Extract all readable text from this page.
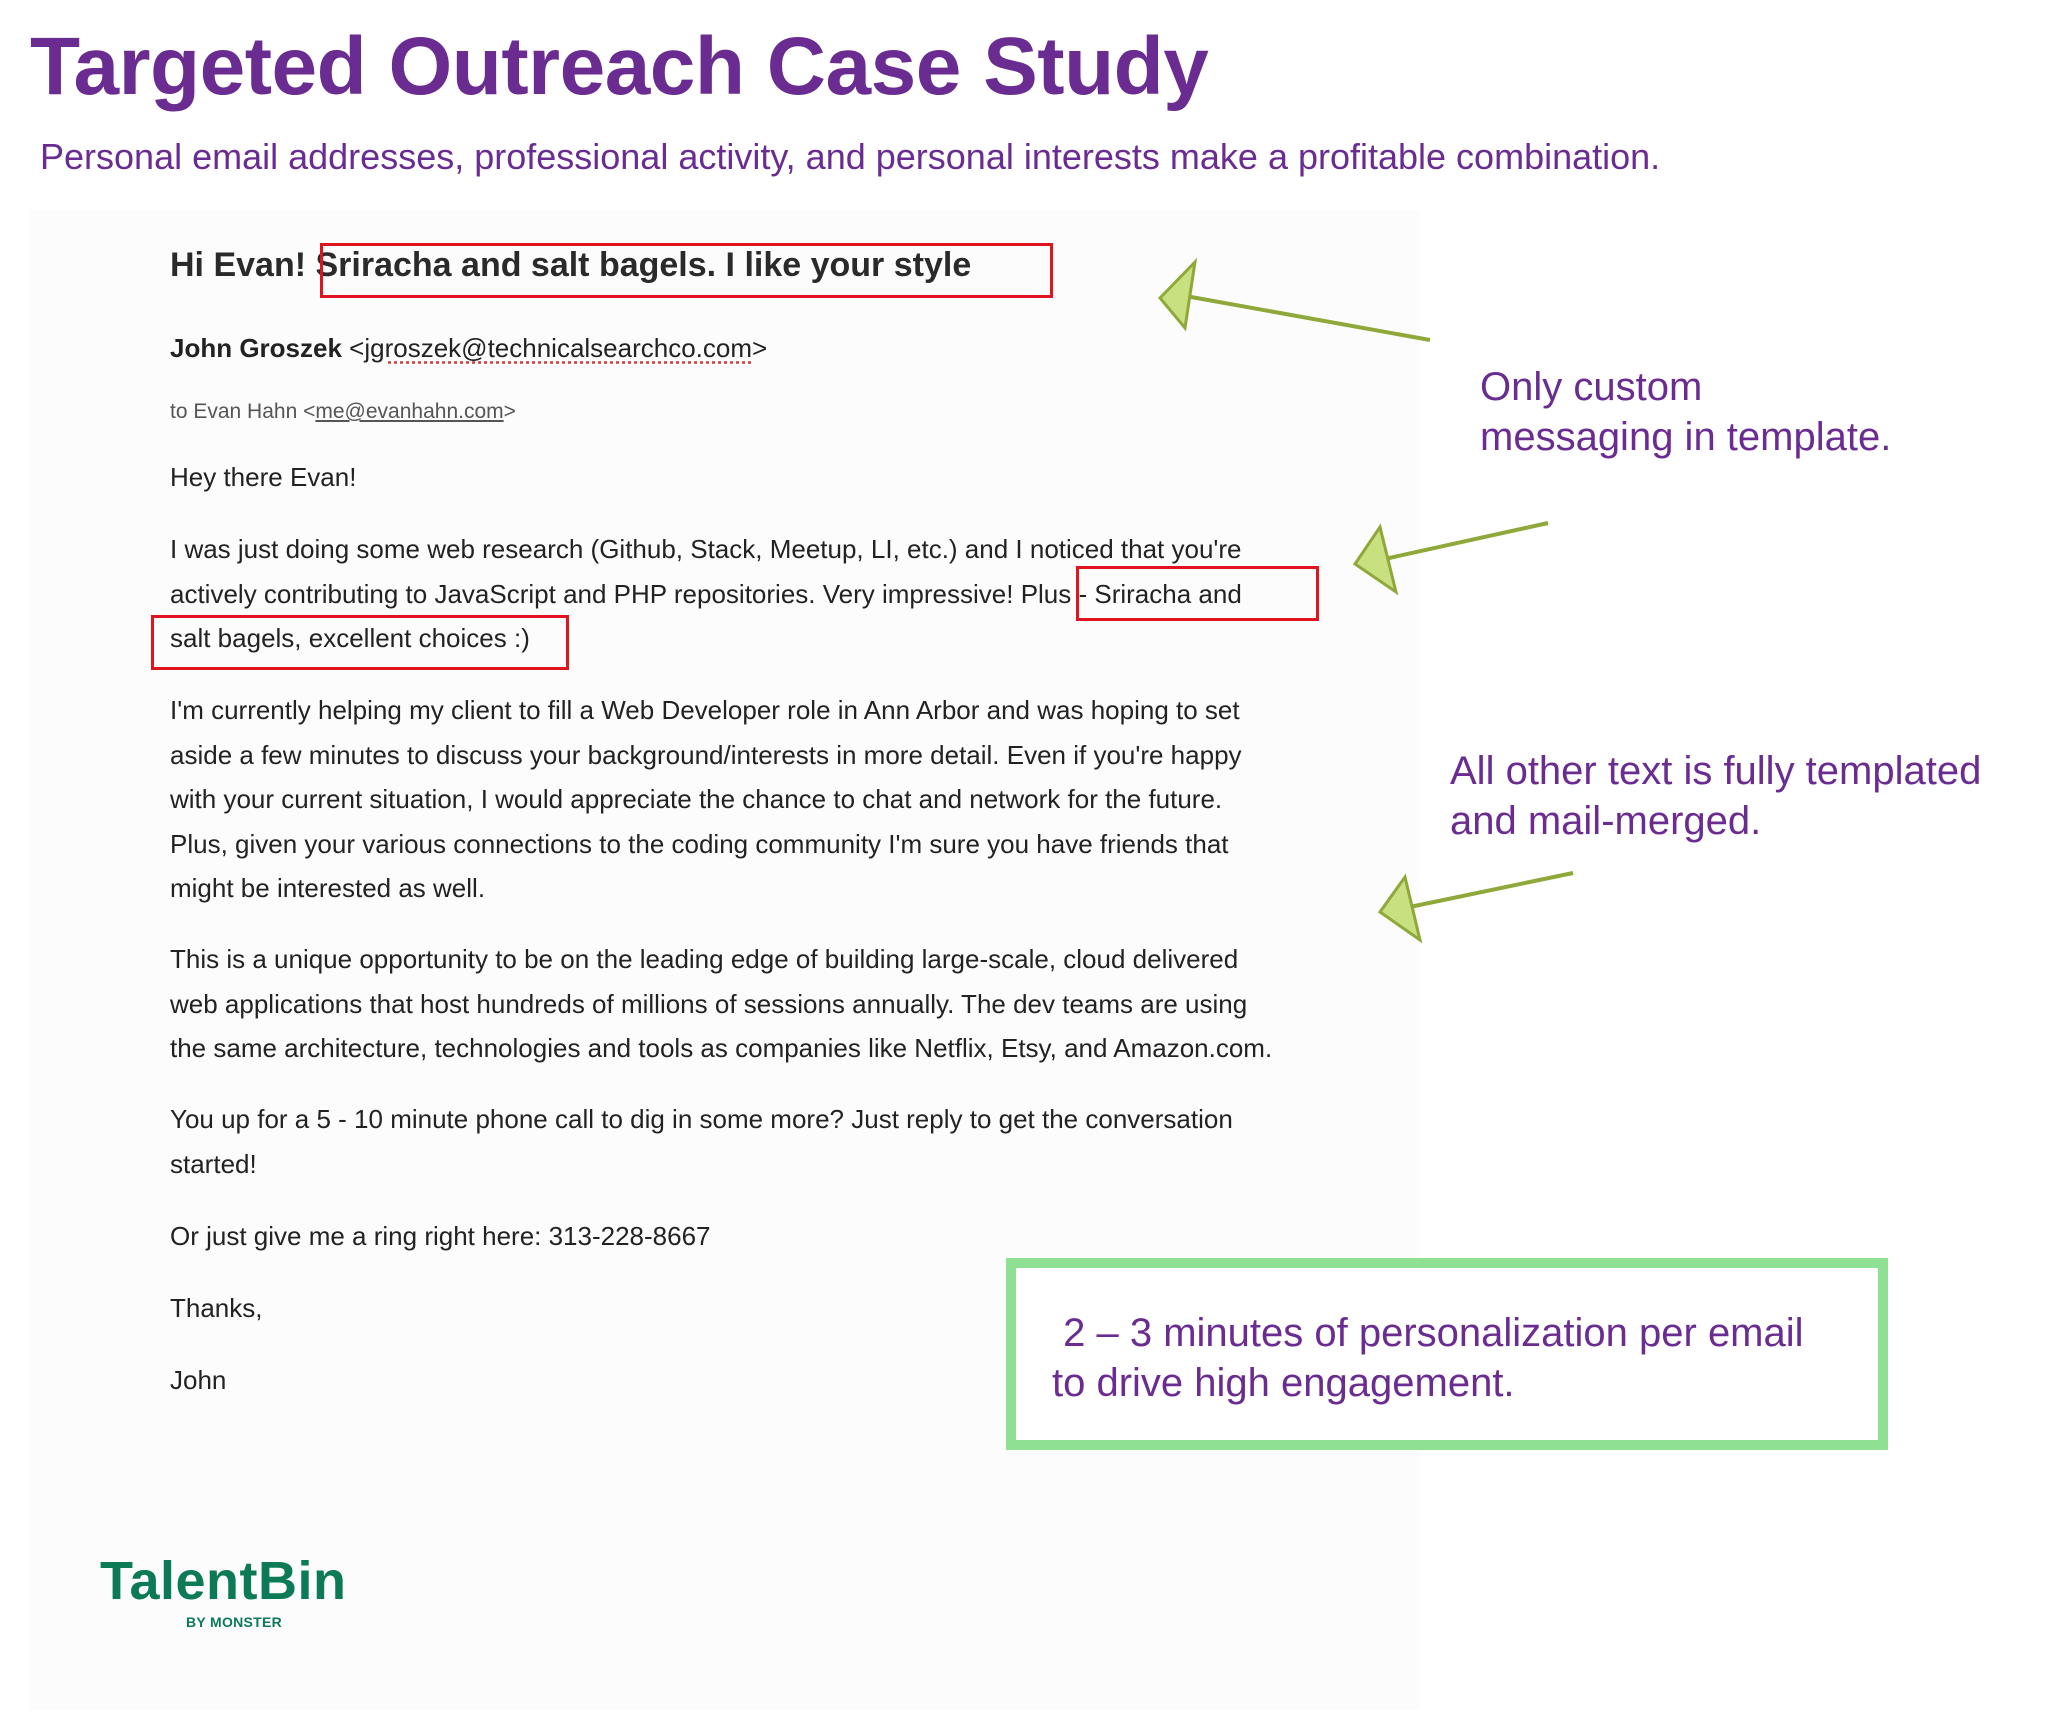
Targeted Outreach Case Study
Personal email addresses, professional activity, and personal interests make a profitable combination.
Hi Evan! Sriracha and salt bagels. I like your style
John Groszek <jgroszek@technicalsearchco.com>
to Evan Hahn <me@evanhahn.com>
Hey there Evan!
I was just doing some web research (Github, Stack, Meetup, LI, etc.) and I noticed that you're
actively contributing to JavaScript and PHP repositories. Very impressive! Plus - Sriracha and
salt bagels, excellent choices :)
I'm currently helping my client to fill a Web Developer role in Ann Arbor and was hoping to set
aside a few minutes to discuss your background/interests in more detail. Even if you're happy
with your current situation, I would appreciate the chance to chat and network for the future.
Plus, given your various connections to the coding community I'm sure you have friends that
might be interested as well.
This is a unique opportunity to be on the leading edge of building large-scale, cloud delivered
web applications that host hundreds of millions of sessions annually. The dev teams are using
the same architecture, technologies and tools as companies like Netflix, Etsy, and Amazon.com.
You up for a 5 - 10 minute phone call to dig in some more? Just reply to get the conversation
started!
Or just give me a ring right here: 313-228-8667
Thanks,
John
Only custom
messaging in template.
All other text is fully templated
and mail-merged.
2 – 3 minutes of personalization per email
to drive high engagement.
TalentBin
BY MONSTER
